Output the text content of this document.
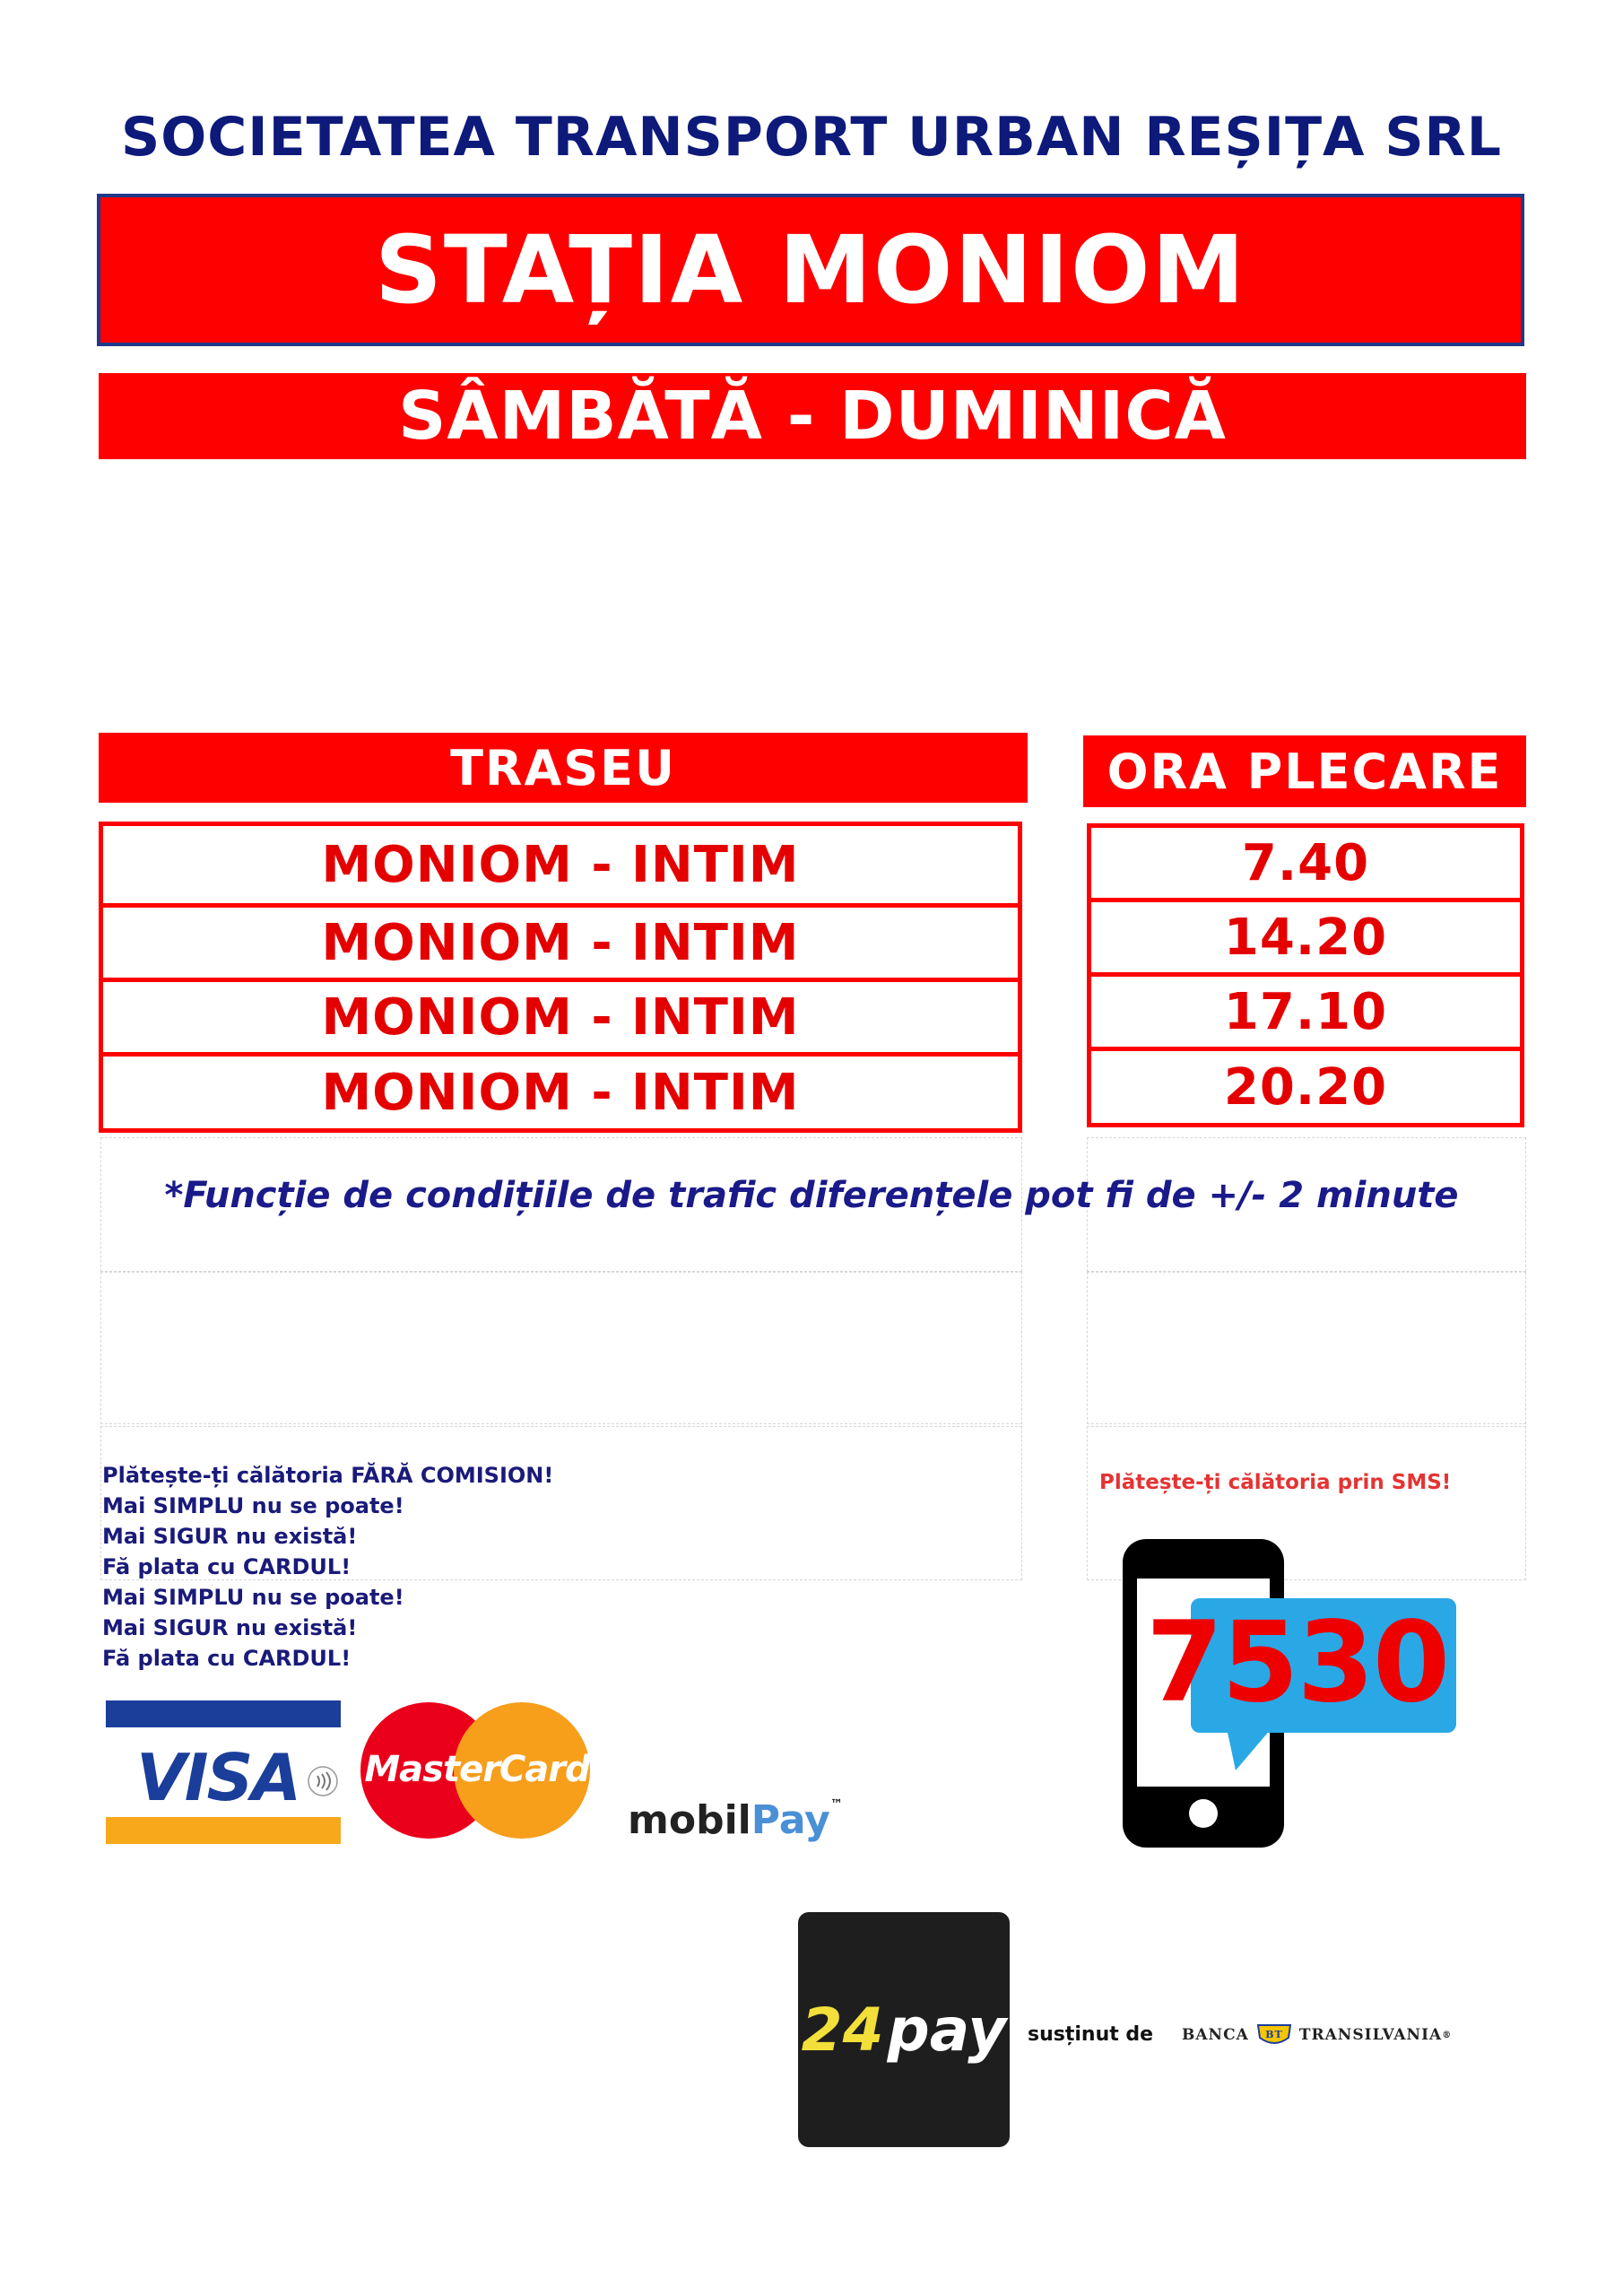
SOCIETATEA TRANSPORT URBAN REȘIȚA SRL
STAȚIA MONIOM
SÂMBĂTĂ - DUMINICĂ
TRASEU	ORA PLECARE
MONIOM - INTIM
MONIOM - INTIM
MONIOM - INTIM
MONIOM - INTIM
7.40
14.20
17.10
20.20
*Funcție de condițiile de trafic diferențele pot fi de +/- 2 minute
Plătește-ți călătoria FĂRĂ COMISION!
Mai SIMPLU nu se poate!
Mai SIGUR nu există!
Fă plata cu CARDUL!
Mai SIMPLU nu se poate!
Mai SIGUR nu există!
Fă plata cu CARDUL!
Plătește-ți călătoria prin SMS!
VISA MasterCard
mobilPay™
7530
24 pay susținut de BANCA BT TRANSILVANIA ®
